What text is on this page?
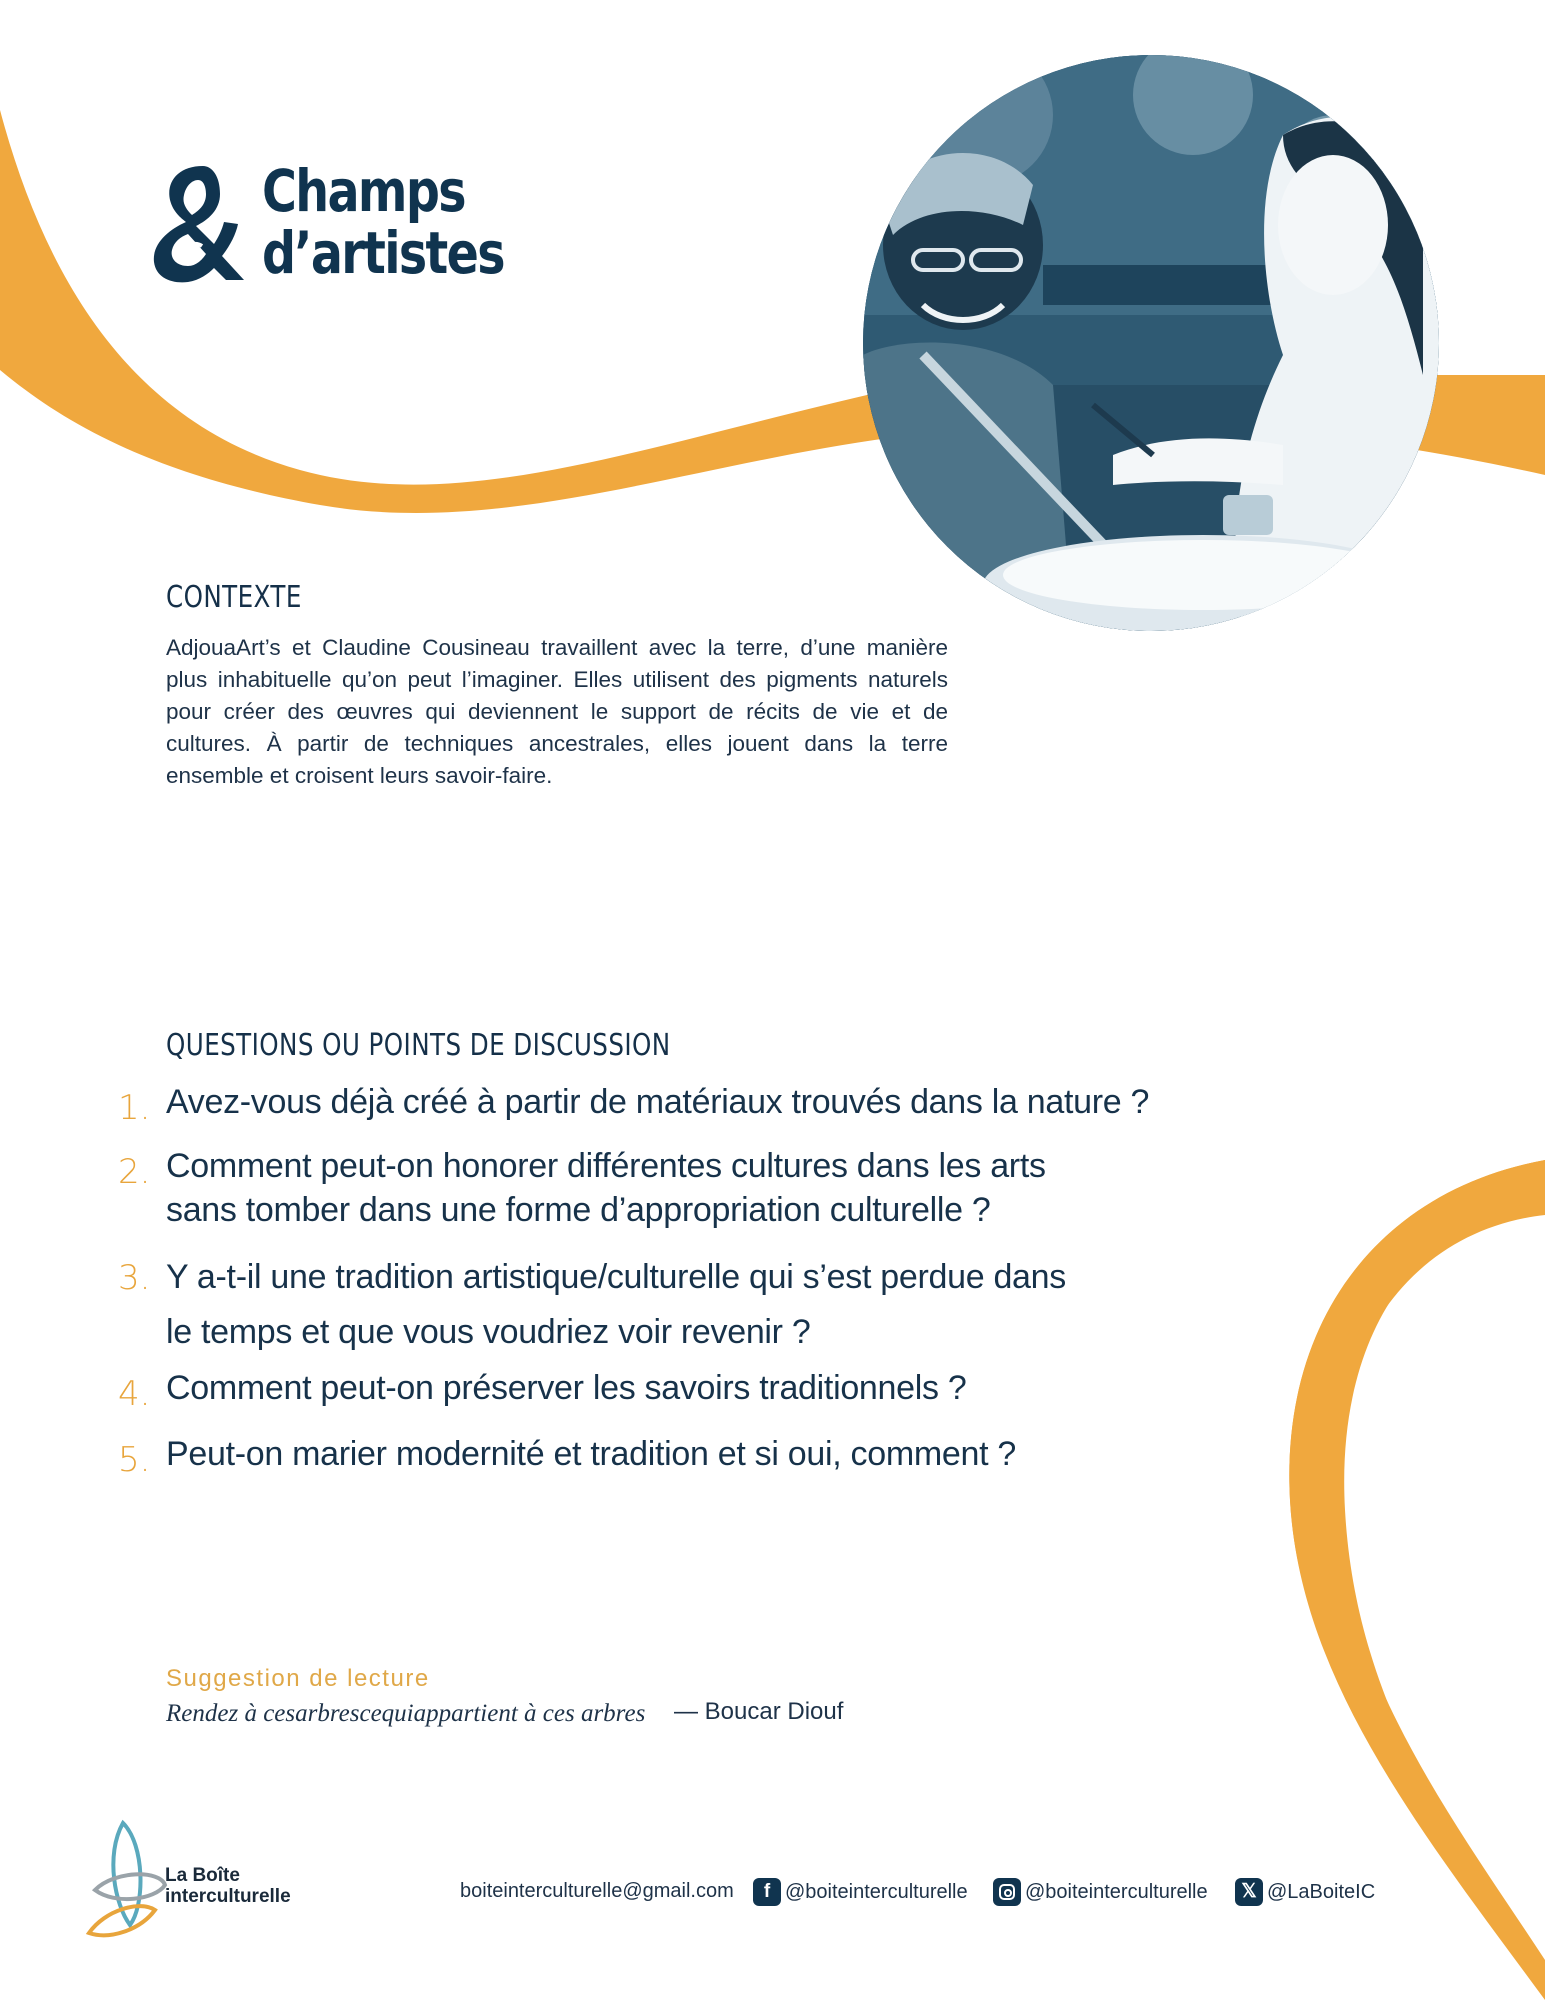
Champs
d’artistes
CONTEXTE
AdjouaArt’s et Claudine Cousineau travaillent avec la terre, d’une manière plus inhabituelle qu’on peut l’imaginer. Elles utilisent des pigments naturels pour créer des œuvres qui deviennent le support de récits de vie et de cultures. À partir de techniques ancestrales, elles jouent dans la terre ensemble et croisent leurs savoir-faire.
QUESTIONS OU POINTS DE DISCUSSION
1. Avez-vous déjà créé à partir de matériaux trouvés dans la nature ?
2. Comment peut-on honorer différentes cultures dans les arts
sans tomber dans une forme d’appropriation culturelle ?
3. Y a-t-il une tradition artistique/culturelle qui s’est perdue dans
le temps et que vous voudriez voir revenir ?
4. Comment peut-on préserver les savoirs traditionnels ?
5. Peut-on marier modernité et tradition et si oui, comment ?
Suggestion de lecture
Rendez à cesarbrescequiappartient à ces arbres — Boucar Diouf
La Boîte
interculturelle	boiteinterculturelle@gmail.com	f @boiteinterculturelle	@boiteinterculturelle	𝕏 @LaBoiteIC
